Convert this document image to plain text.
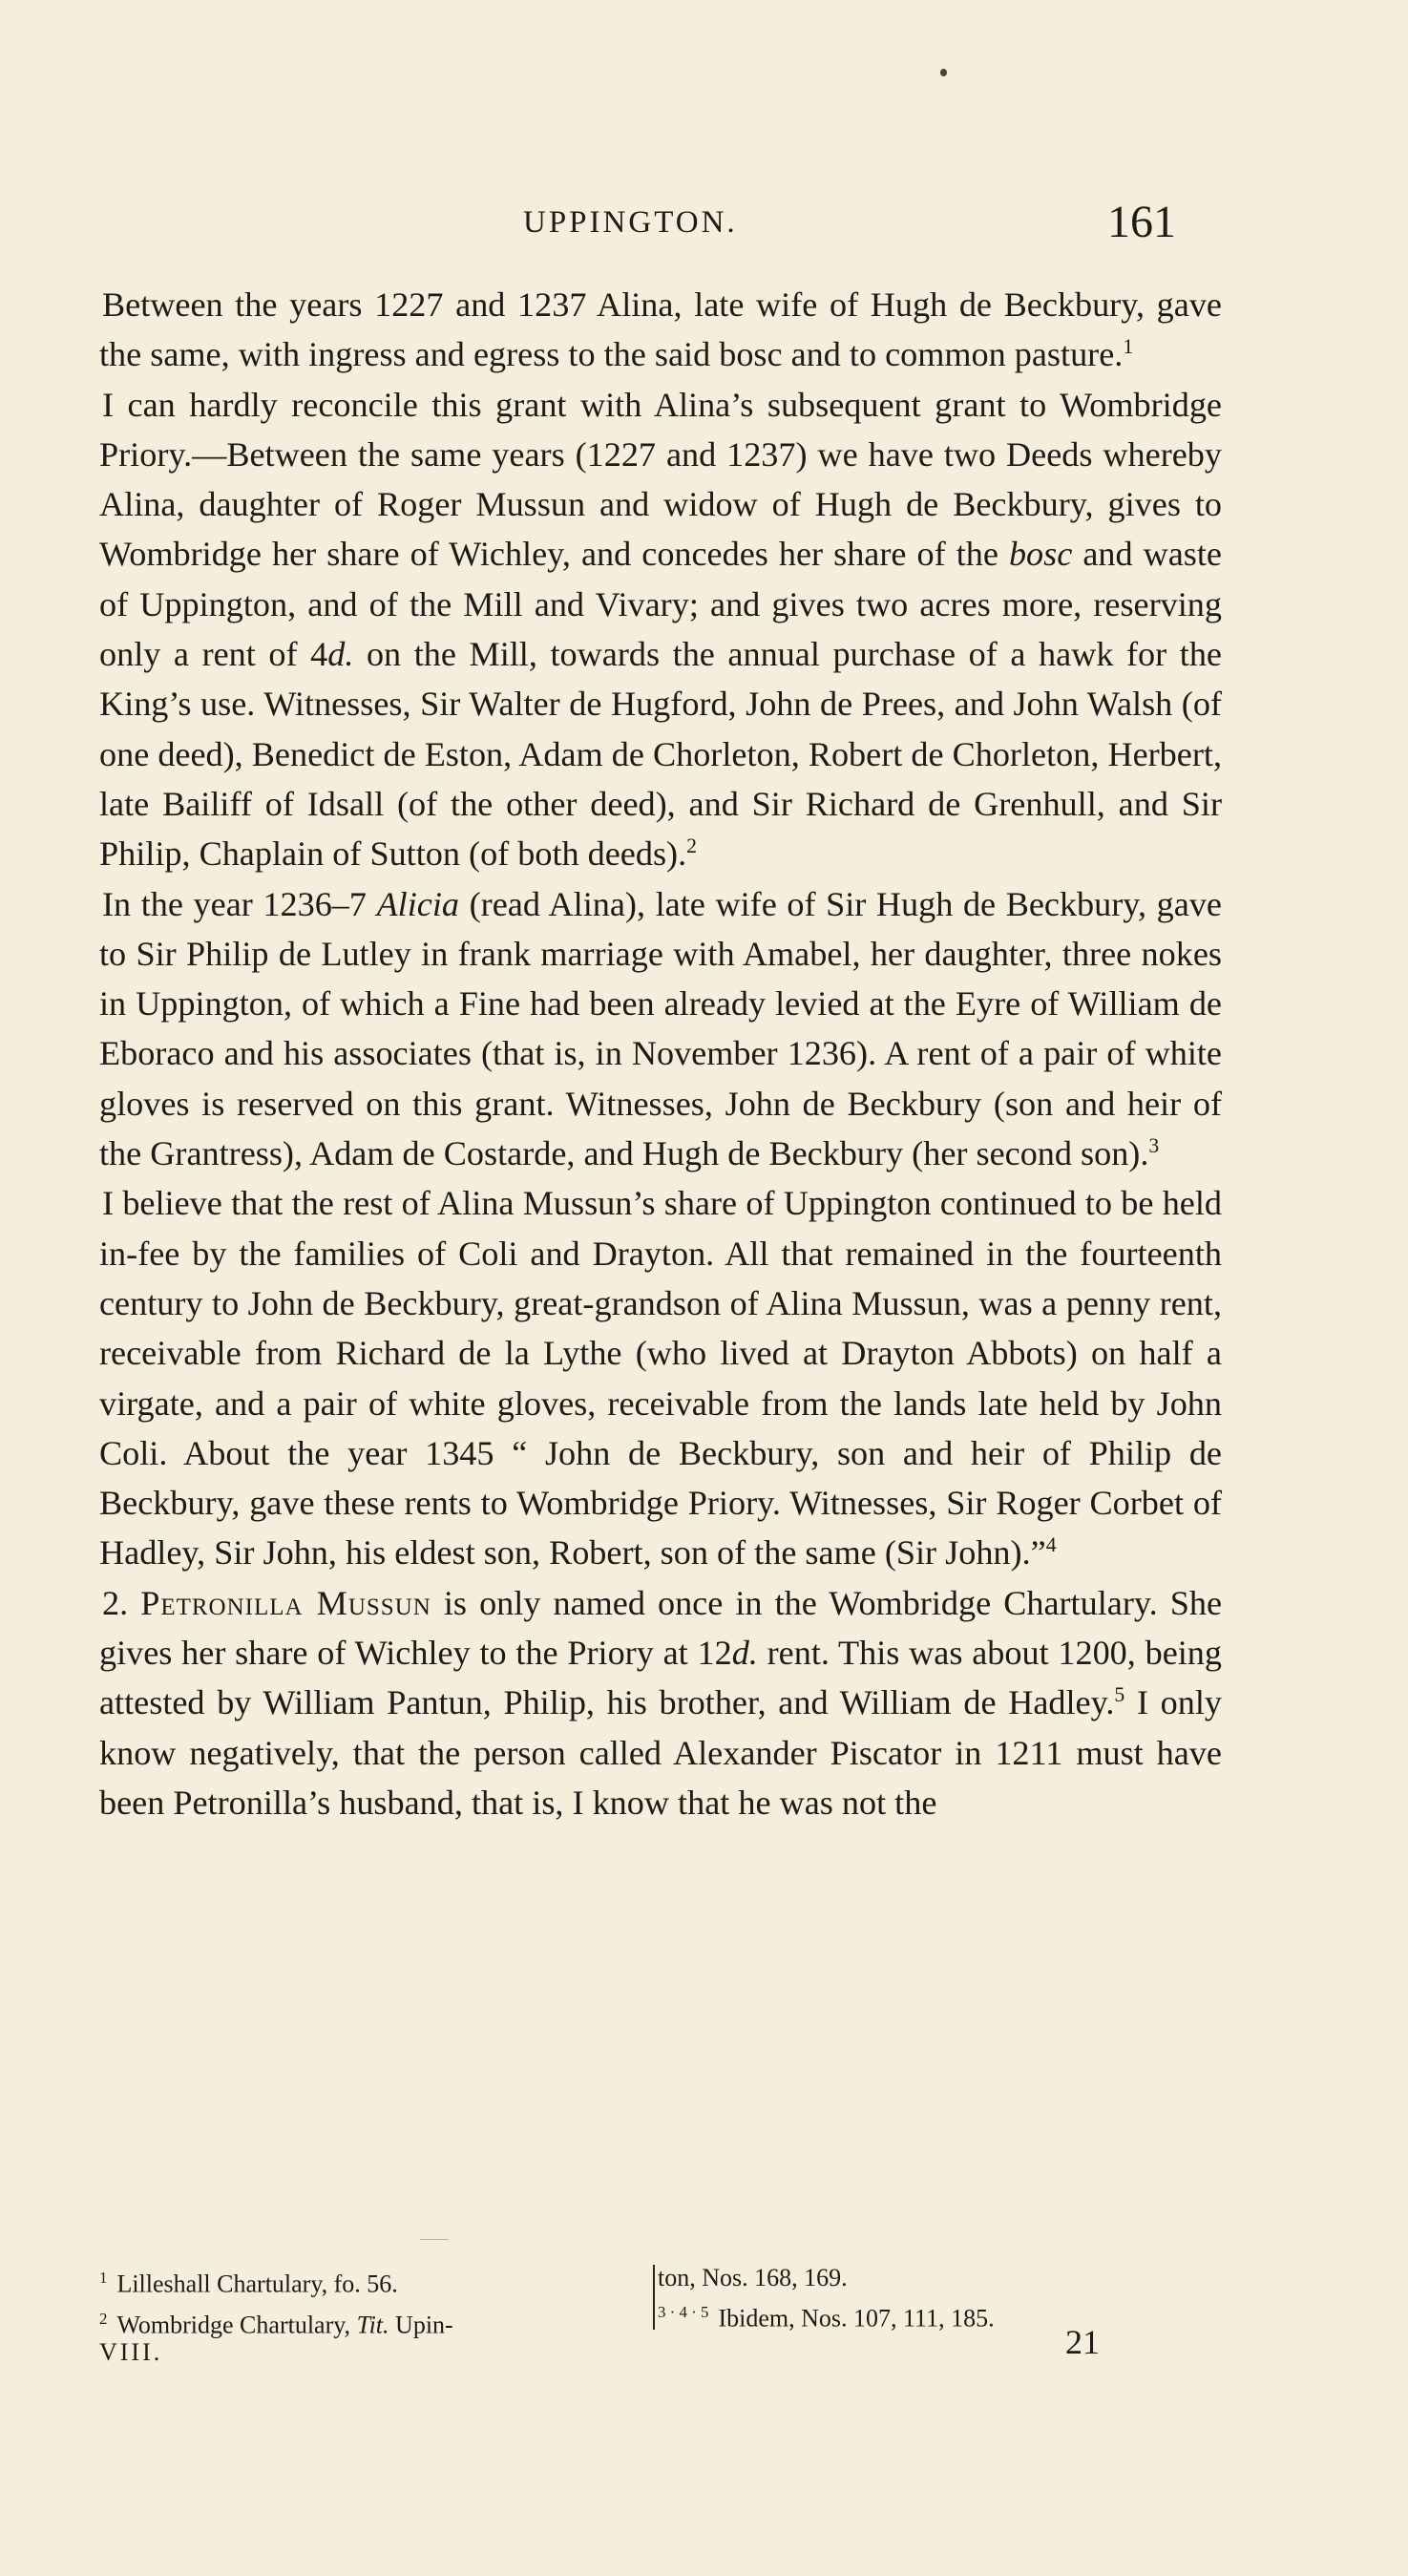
UPPINGTON.	161

Between the years 1227 and 1237 Alina, late wife of Hugh de Beckbury, gave the same, with ingress and egress to the said bosc and to common pasture.$^1$

I can hardly reconcile this grant with Alina’s subsequent grant to Wombridge Priory.—Between the same years (1227 and 1237) we have two Deeds whereby Alina, daughter of Roger Mussun and widow of Hugh de Beckbury, gives to Wombridge her share of Wichley, and concedes her share of the bosc and waste of Uppington, and of the Mill and Vivary; and gives two acres more, reserving only a rent of 4d. on the Mill, towards the annual purchase of a hawk for the King’s use. Witnesses, Sir Walter de Hugford, John de Prees, and John Walsh (of one deed), Benedict de Eston, Adam de Chorleton, Robert de Chorleton, Herbert, late Bailiff of Idsall (of the other deed), and Sir Richard de Grenhull, and Sir Philip, Chaplain of Sutton (of both deeds).$^2$

In the year 1236–7 Alicia (read Alina), late wife of Sir Hugh de Beckbury, gave to Sir Philip de Lutley in frank marriage with Amabel, her daughter, three nokes in Uppington, of which a Fine had been already levied at the Eyre of William de Eboraco and his associates (that is, in November 1236). A rent of a pair of white gloves is reserved on this grant. Witnesses, John de Beckbury (son and heir of the Grantress), Adam de Costarde, and Hugh de Beckbury (her second son).$^3$

I believe that the rest of Alina Mussun’s share of Uppington continued to be held in-fee by the families of Coli and Drayton. All that remained in the fourteenth century to John de Beckbury, great-grandson of Alina Mussun, was a penny rent, receivable from Richard de la Lythe (who lived at Drayton Abbots) on half a virgate, and a pair of white gloves, receivable from the lands late held by John Coli. About the year 1345 “ John de Beckbury, son and heir of Philip de Beckbury, gave these rents to Wombridge Priory. Witnesses, Sir Roger Corbet of Hadley, Sir John, his eldest son, Robert, son of the same (Sir John).”$^4$

2. Petronilla Mussun is only named once in the Wombridge Chartulary. She gives her share of Wichley to the Priory at 12d. rent. This was about 1200, being attested by William Pantun, Philip, his brother, and William de Hadley.$^5$ I only know negatively, that the person called Alexander Piscator in 1211 must have been Petronilla’s husband, that is, I know that he was not the

$^1$ Lilleshall Chartulary, fo. 56.
$^2$ Wombridge Chartulary, Tit. Upin-
ton, Nos. 168, 169.
$^{3 \cdot 4 \cdot 5}$ Ibidem, Nos. 107, 111, 185.
VIII.	21
